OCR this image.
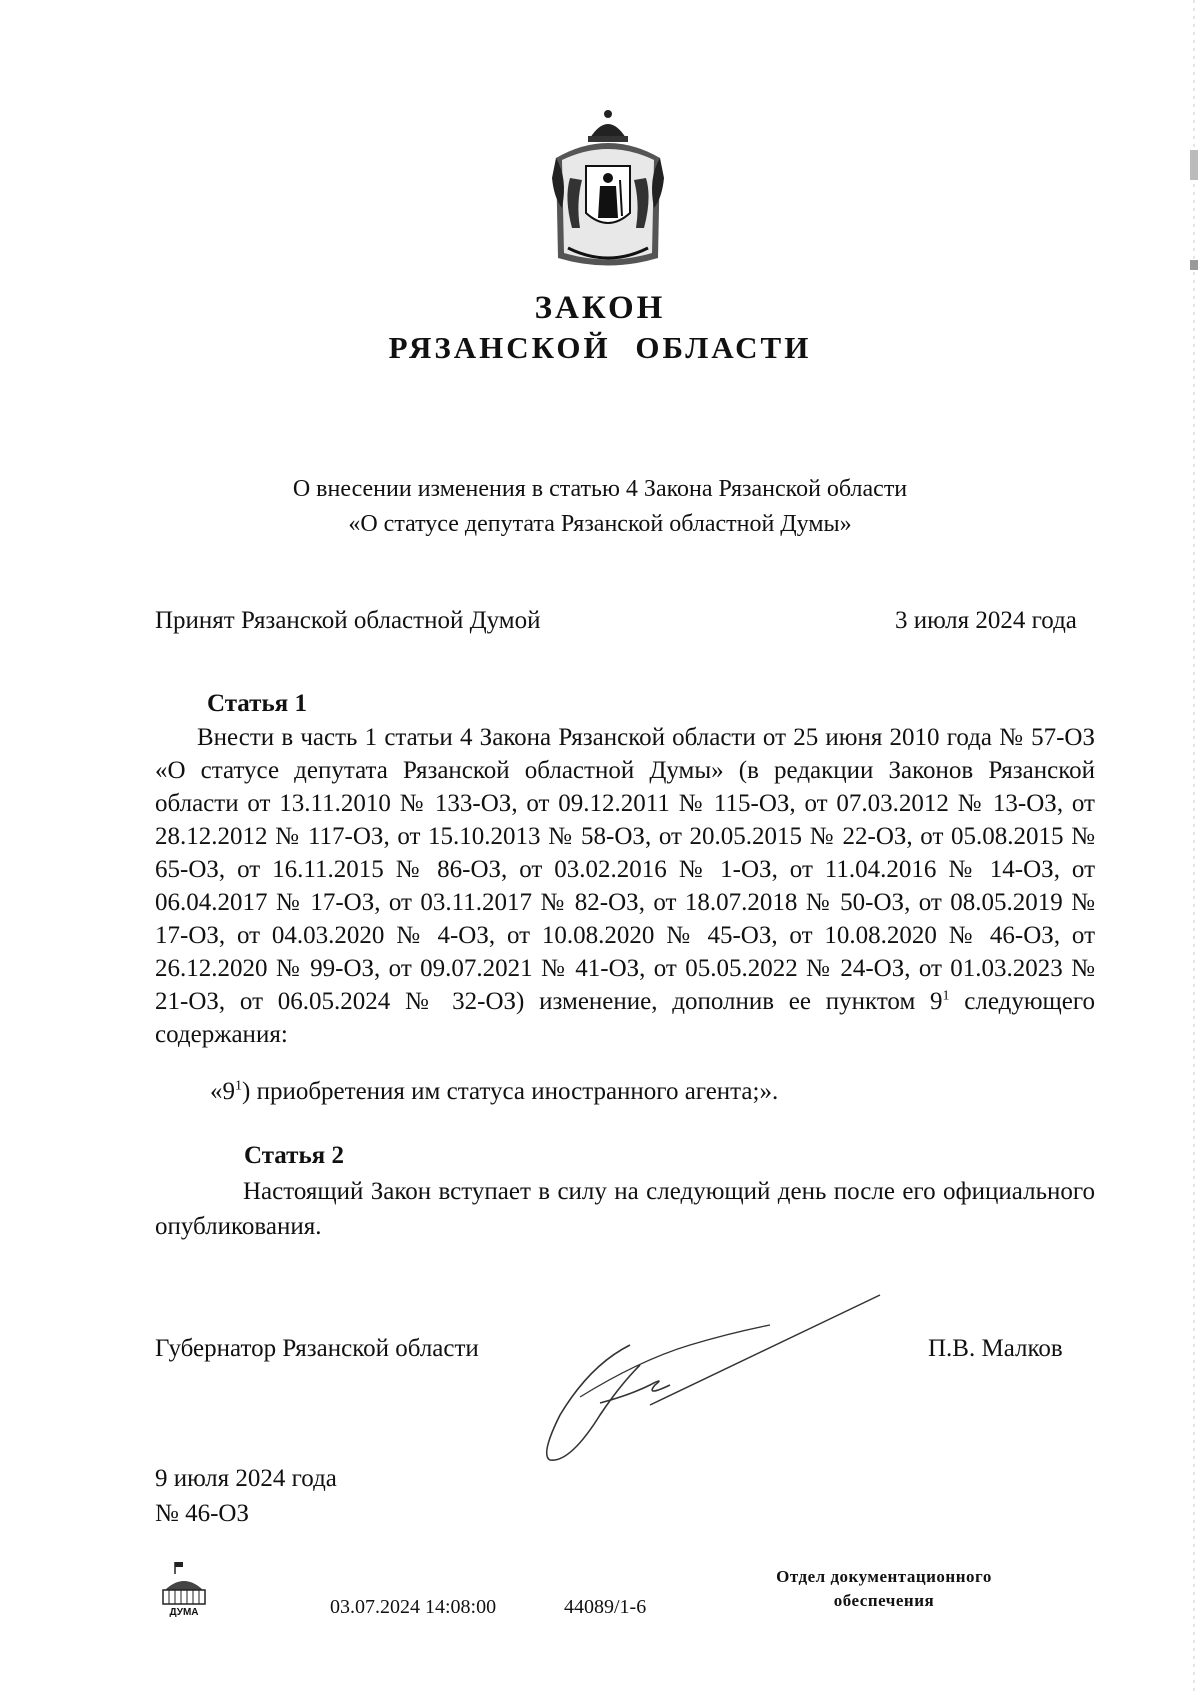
ЗАКОН
РЯЗАНСКОЙ ОБЛАСТИ
О внесении изменения в статью 4 Закона Рязанской области
«О статусе депутата Рязанской областной Думы»
Принят Рязанской областной Думой	3 июля 2024 года
Статья 1
Внести в часть 1 статьи 4 Закона Рязанской области от 25 июня 2010 года № 57-ОЗ «О статусе депутата Рязанской областной Думы» (в редакции Законов Рязанской области от 13.11.2010 № 133-ОЗ, от 09.12.2011 № 115-ОЗ, от 07.03.2012 № 13-ОЗ, от 28.12.2012 № 117-ОЗ, от 15.10.2013 № 58-ОЗ, от 20.05.2015 № 22-ОЗ, от 05.08.2015 № 65-ОЗ, от 16.11.2015 № 86-ОЗ, от 03.02.2016 № 1-ОЗ, от 11.04.2016 № 14-ОЗ, от 06.04.2017 № 17-ОЗ, от 03.11.2017 № 82-ОЗ, от 18.07.2018 № 50-ОЗ, от 08.05.2019 № 17-ОЗ, от 04.03.2020 № 4-ОЗ, от 10.08.2020 № 45-ОЗ, от 10.08.2020 № 46-ОЗ, от 26.12.2020 № 99-ОЗ, от 09.07.2021 № 41-ОЗ, от 05.05.2022 № 24-ОЗ, от 01.03.2023 № 21-ОЗ, от 06.05.2024 № 32-ОЗ) изменение, дополнив ее пунктом $9^1$ следующего содержания:
«$9^1$) приобретения им статуса иностранного агента;».
Статья 2
Настоящий Закон вступает в силу на следующий день после его официального опубликования.
Губернатор Рязанской области	П.В. Малков
9 июля 2024 года
№ 46-ОЗ
ДУМА	03.07.2024 14:08:00	44089/1-6
Отдел документационного
обеспечения
